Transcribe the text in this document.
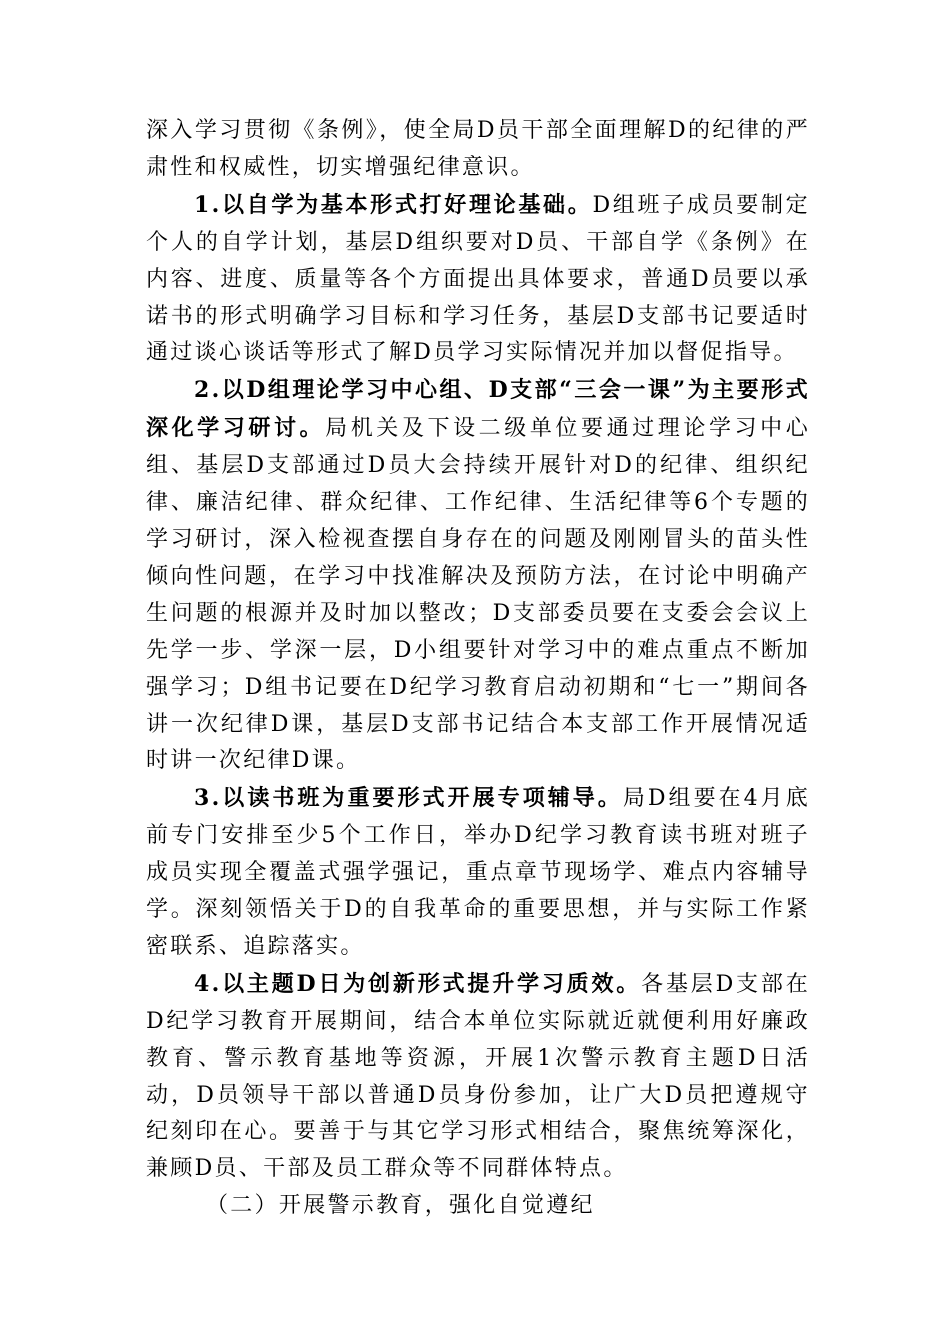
深入学习贯彻《条例》，使全局D员干部全面理解D的纪律的严肃性和权威性，切实增强纪律意识。

1.以自学为基本形式打好理论基础。D组班子成员要制定个人的自学计划，基层D组织要对D员、干部自学《条例》在内容、进度、质量等各个方面提出具体要求，普通D员要以承诺书的形式明确学习目标和学习任务，基层D支部书记要适时通过谈心谈话等形式了解D员学习实际情况并加以督促指导。

2.以D组理论学习中心组、D支部“三会一课”为主要形式深化学习研讨。局机关及下设二级单位要通过理论学习中心组、基层D支部通过D员大会持续开展针对D的纪律、组织纪律、廉洁纪律、群众纪律、工作纪律、生活纪律等6个专题的学习研讨，深入检视查摆自身存在的问题及刚刚冒头的苗头性倾向性问题，在学习中找准解决及预防方法，在讨论中明确产生问题的根源并及时加以整改；D支部委员要在支委会会议上先学一步、学深一层，D小组要针对学习中的难点重点不断加强学习；D组书记要在D纪学习教育启动初期和“七一”期间各讲一次纪律D课，基层D支部书记结合本支部工作开展情况适时讲一次纪律D课。

3.以读书班为重要形式开展专项辅导。局D组要在4月底前专门安排至少5个工作日，举办D纪学习教育读书班对班子成员实现全覆盖式强学强记，重点章节现场学、难点内容辅导学。深刻领悟关于D的自我革命的重要思想，并与实际工作紧密联系、追踪落实。

4.以主题D日为创新形式提升学习质效。各基层D支部在D纪学习教育开展期间，结合本单位实际就近就便利用好廉政教育、警示教育基地等资源，开展1次警示教育主题D日活动，D员领导干部以普通D员身份参加，让广大D员把遵规守纪刻印在心。要善于与其它学习形式相结合，聚焦统筹深化，兼顾D员、干部及员工群众等不同群体特点。

（二）开展警示教育，强化自觉遵纪
